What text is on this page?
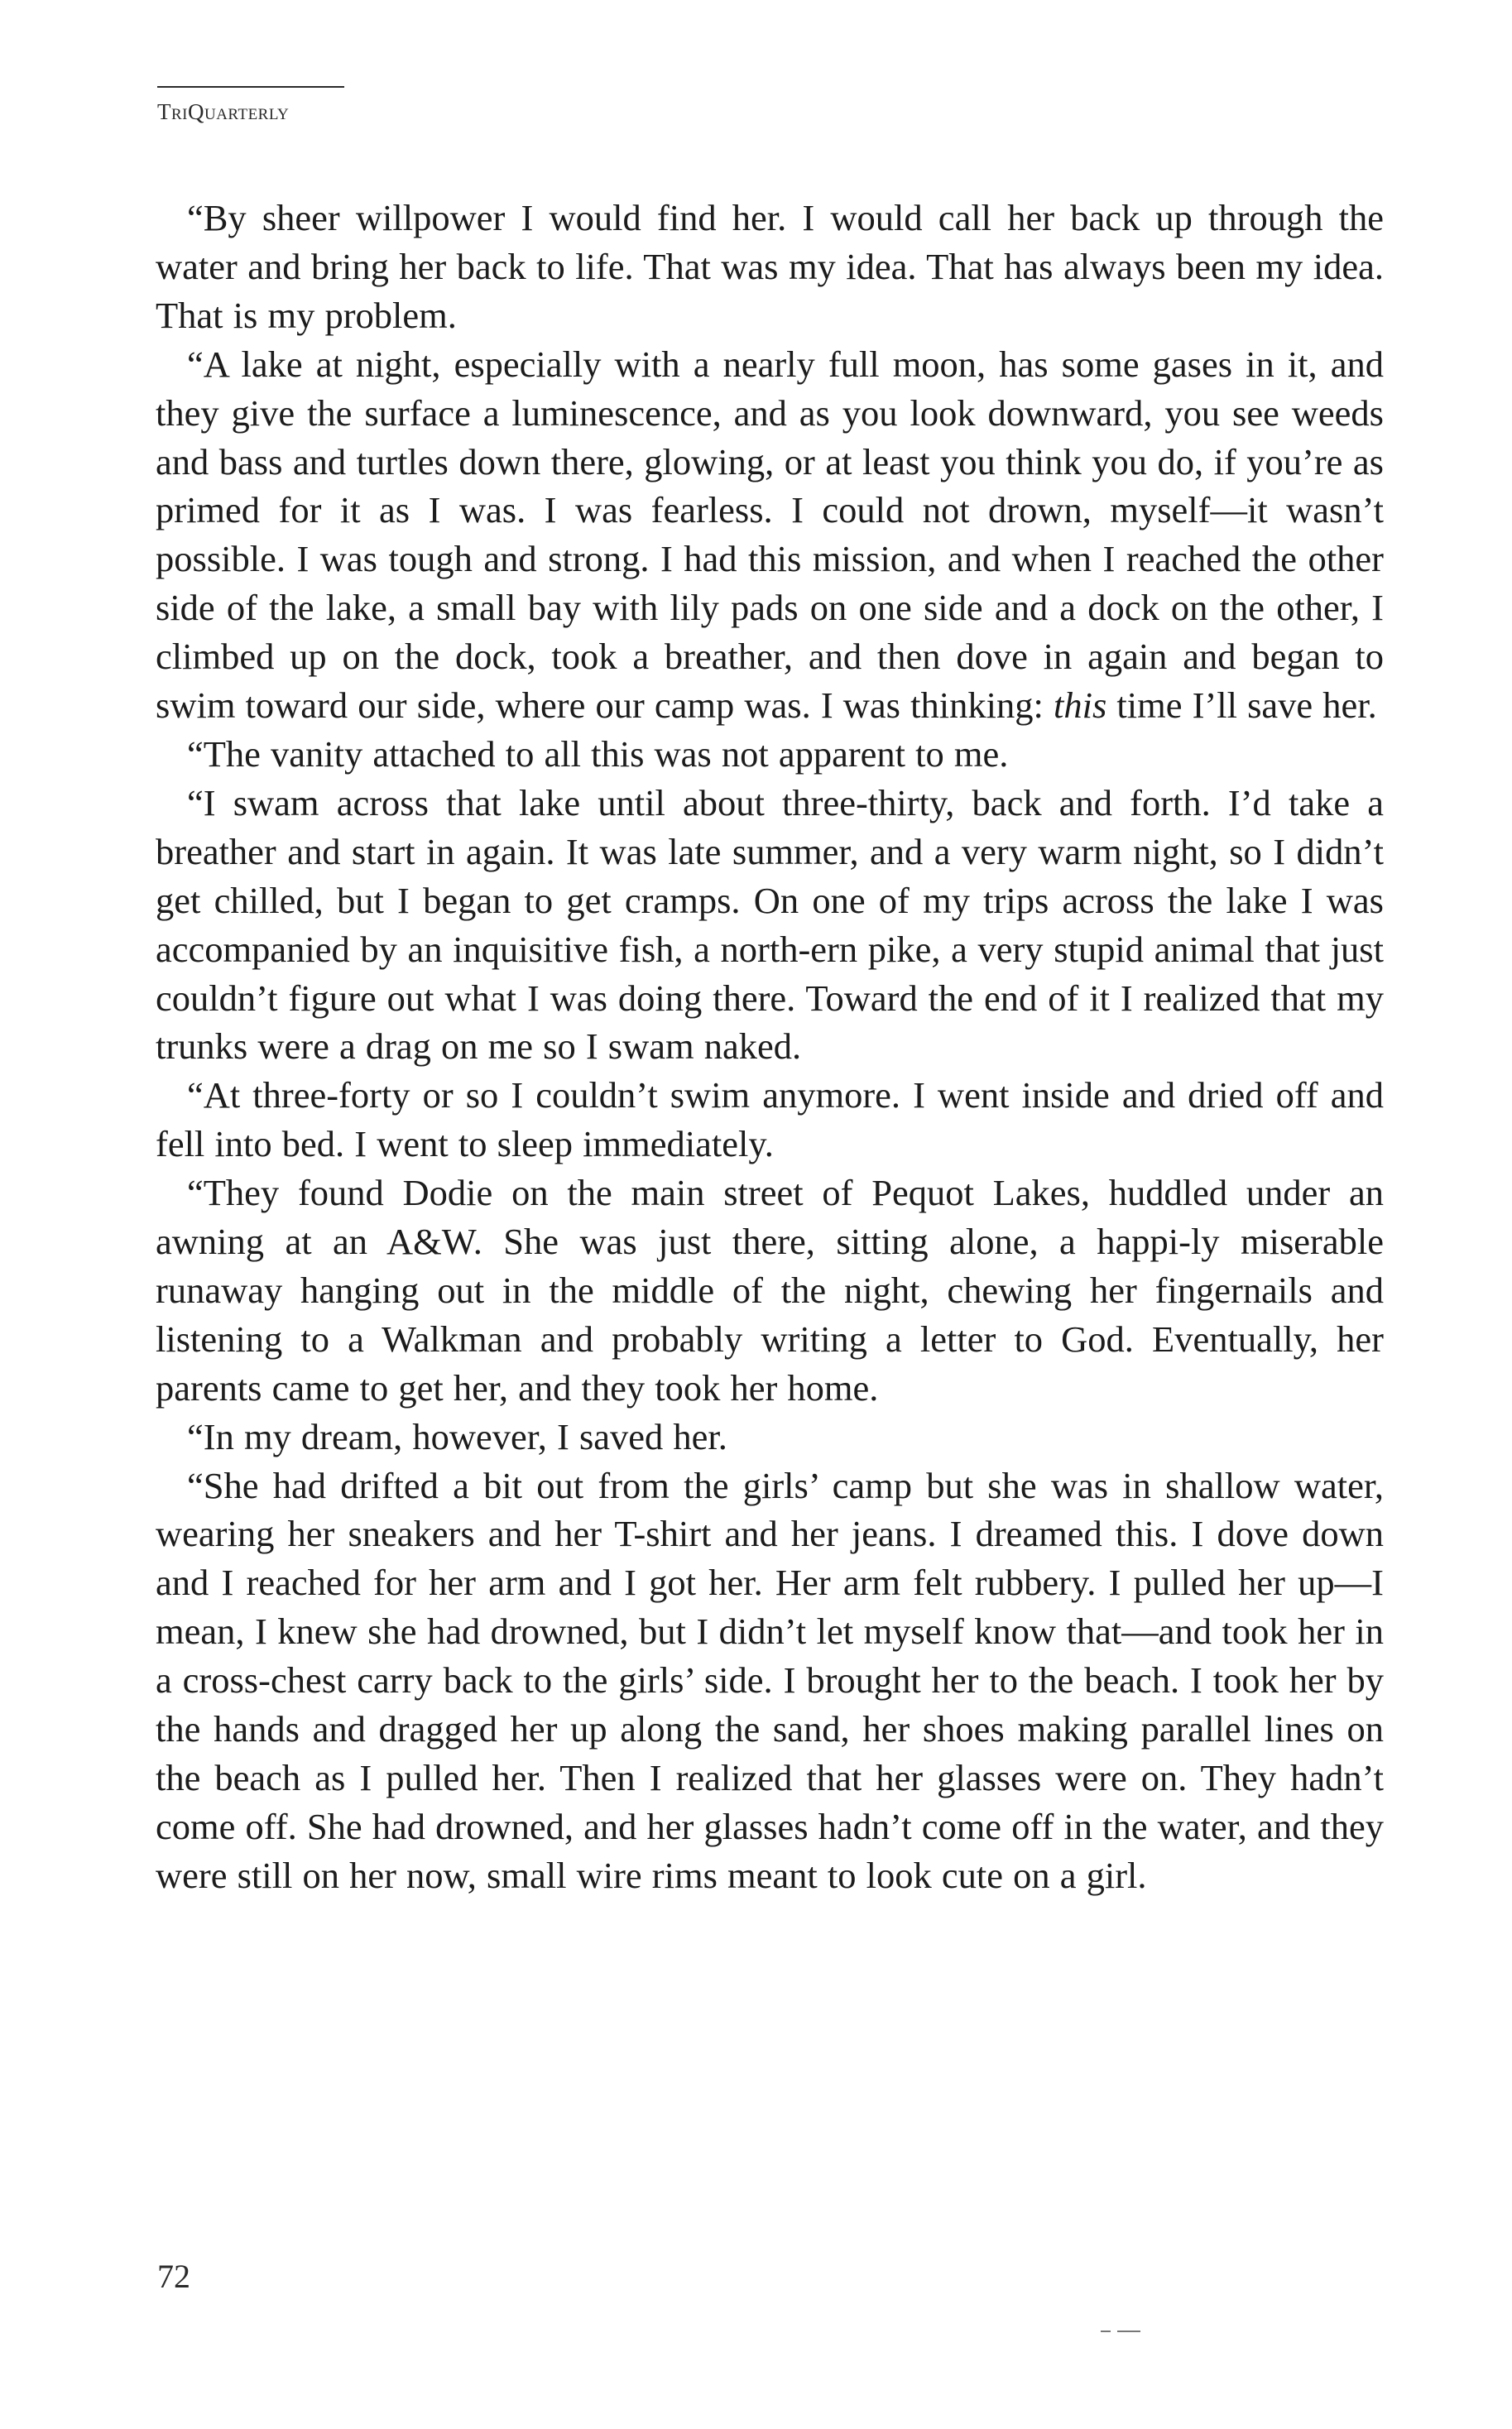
TriQuarterly

“By sheer willpower I would find her. I would call her back up through the water and bring her back to life. That was my idea. That has always been my idea. That is my problem.

“A lake at night, especially with a nearly full moon, has some gases in it, and they give the surface a luminescence, and as you look downward, you see weeds and bass and turtles down there, glowing, or at least you think you do, if you’re as primed for it as I was. I was fearless. I could not drown, myself—it wasn’t possible. I was tough and strong. I had this mission, and when I reached the other side of the lake, a small bay with lily pads on one side and a dock on the other, I climbed up on the dock, took a breather, and then dove in again and began to swim toward our side, where our camp was. I was thinking: this time I’ll save her.

“The vanity attached to all this was not apparent to me.

“I swam across that lake until about three-thirty, back and forth. I’d take a breather and start in again. It was late summer, and a very warm night, so I didn’t get chilled, but I began to get cramps. On one of my trips across the lake I was accompanied by an inquisitive fish, a north-ern pike, a very stupid animal that just couldn’t figure out what I was doing there. Toward the end of it I realized that my trunks were a drag on me so I swam naked.

“At three-forty or so I couldn’t swim anymore. I went inside and dried off and fell into bed. I went to sleep immediately.

“They found Dodie on the main street of Pequot Lakes, huddled under an awning at an A&W. She was just there, sitting alone, a happi-ly miserable runaway hanging out in the middle of the night, chewing her fingernails and listening to a Walkman and probably writing a letter to God. Eventually, her parents came to get her, and they took her home.

“In my dream, however, I saved her.

“She had drifted a bit out from the girls’ camp but she was in shallow water, wearing her sneakers and her T-shirt and her jeans. I dreamed this. I dove down and I reached for her arm and I got her. Her arm felt rubbery. I pulled her up—I mean, I knew she had drowned, but I didn’t let myself know that—and took her in a cross-chest carry back to the girls’ side. I brought her to the beach. I took her by the hands and dragged her up along the sand, her shoes making parallel lines on the beach as I pulled her. Then I realized that her glasses were on. They hadn’t come off. She had drowned, and her glasses hadn’t come off in the water, and they were still on her now, small wire rims meant to look cute on a girl.

72
